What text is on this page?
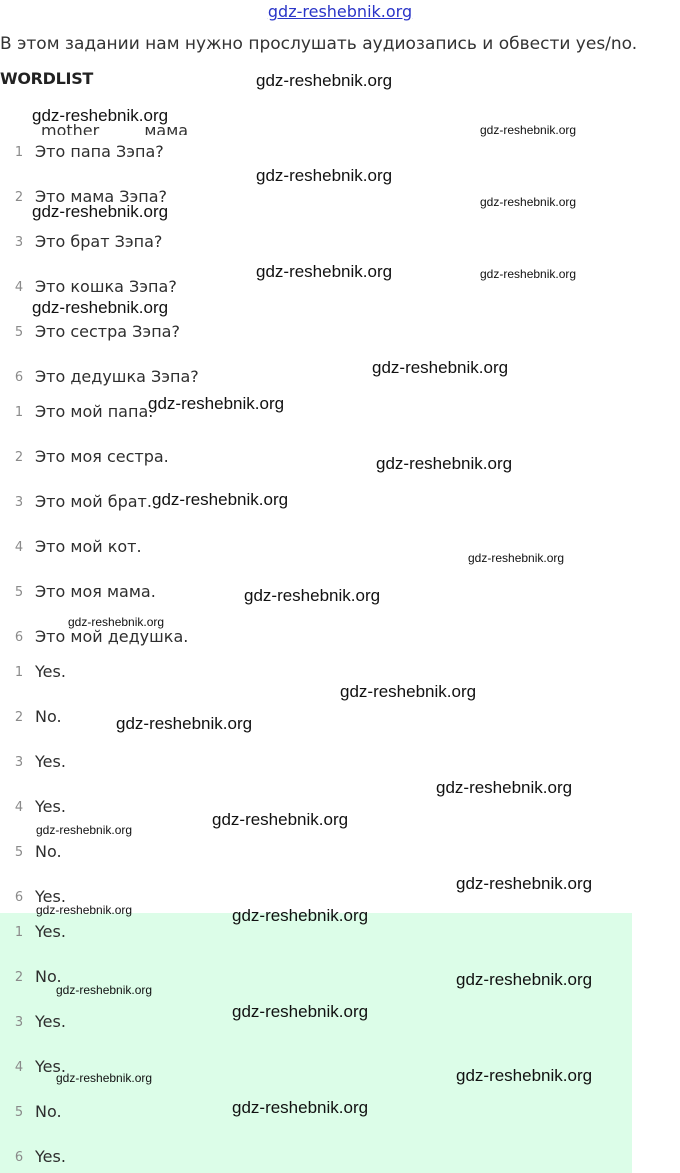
gdz-reshebnik.org
В этом задании нам нужно прослушать аудиозапись и обвести yes/no.
WORDLIST
mother	мама
1 Это папа Зэпа?
2 Это мама Зэпа?
3 Это брат Зэпа?
4 Это кошка Зэпа?
5 Это сестра Зэпа?
6 Это дедушка Зэпа?
1 Это мой папа.
2 Это моя сестра.
3 Это мой брат.
4 Это мой кот.
5 Это моя мама.
6 Это мой дедушка.
1 Yes.
2 No.
3 Yes.
4 Yes.
5 No.
6 Yes.
1 Yes.
2 No.
3 Yes.
4 Yes.
5 No.
6 Yes.
gdz-reshebnik.org
gdz-reshebnik.org
gdz-reshebnik.org
gdz-reshebnik.org
gdz-reshebnik.org	gdz-reshebnik.org
gdz-reshebnik.org
gdz-reshebnik.org
gdz-reshebnik.org
gdz-reshebnik.org
gdz-reshebnik.org
gdz-reshebnik.org
gdz-reshebnik.org
gdz-reshebnik.org
gdz-reshebnik.org
gdz-reshebnik.org
gdz-reshebnik.org
gdz-reshebnik.org
gdz-reshebnik.org
gdz-reshebnik.org
gdz-reshebnik.org
gdz-reshebnik.org
gdz-reshebnik.org	gdz-reshebnik.org
gdz-reshebnik.org
gdz-reshebnik.org
gdz-reshebnik.org
gdz-reshebnik.org
gdz-reshebnik.org
gdz-reshebnik.org
